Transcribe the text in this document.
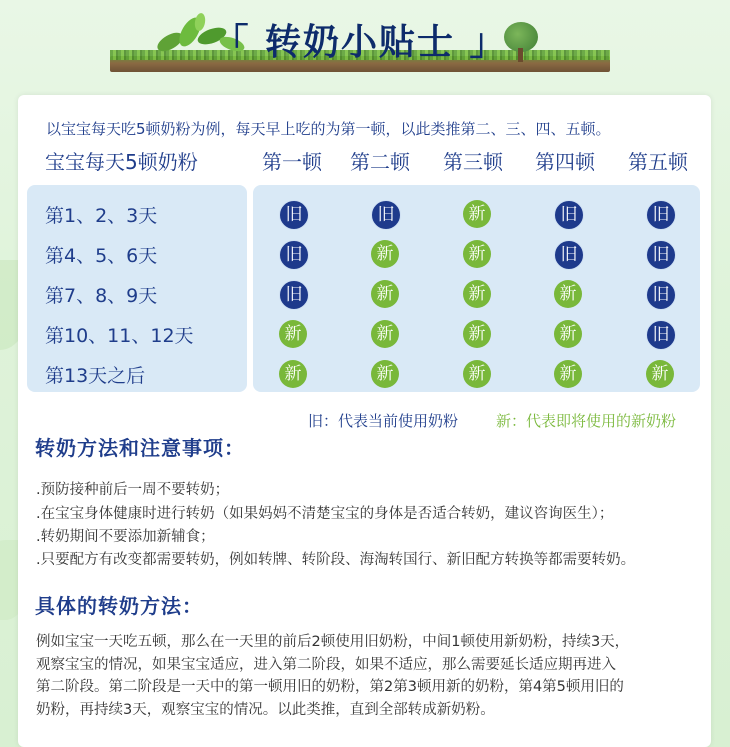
「 转奶小贴士 」
以宝宝每天吃5顿奶粉为例，每天早上吃的为第一顿，以此类推第二、三、四、五顿。
宝宝每天5顿奶粉	第一顿 第二顿 第三顿 第四顿 第五顿
第1、2、3天	旧	旧	新	旧	旧
第4、5、6天	旧	新	新	旧	旧
第7、8、9天	旧	新	新	新	旧
第10、11、12天	新	新	新	新	旧
第13天之后	新	新	新	新	新
旧：代表当前使用奶粉	新：代表即将使用的新奶粉
转奶方法和注意事项：
.预防接种前后一周不要转奶；
.在宝宝身体健康时进行转奶（如果妈妈不清楚宝宝的身体是否适合转奶，建议咨询医生）；
.转奶期间不要添加新辅食；
.只要配方有改变都需要转奶，例如转牌、转阶段、海淘转国行、新旧配方转换等都需要转奶。
具体的转奶方法：
例如宝宝一天吃五顿，那么在一天里的前后2顿使用旧奶粉，中间1顿使用新奶粉，持续3天，
观察宝宝的情况，如果宝宝适应，进入第二阶段，如果不适应，那么需要延长适应期再进入
第二阶段。第二阶段是一天中的第一顿用旧的奶粉，第2第3顿用新的奶粉，第4第5顿用旧的
奶粉，再持续3天，观察宝宝的情况。以此类推，直到全部转成新奶粉。
